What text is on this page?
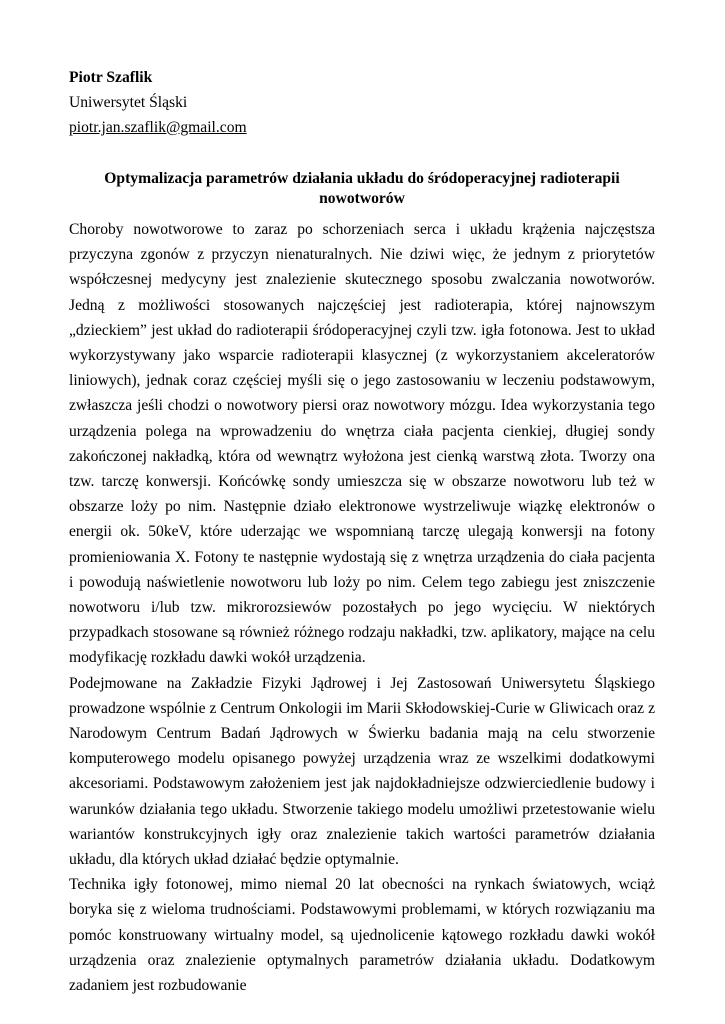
Piotr Szaflik
Uniwersytet Śląski
piotr.jan.szaflik@gmail.com
Optymalizacja parametrów działania układu do śródoperacyjnej radioterapii nowotworów

Choroby nowotworowe to zaraz po schorzeniach serca i układu krążenia najczęstsza przyczyna zgonów z przyczyn nienaturalnych. Nie dziwi więc, że jednym z priorytetów współczesnej medycyny jest znalezienie skutecznego sposobu zwalczania nowotworów. Jedną z możliwości stosowanych najczęściej jest radioterapia, której najnowszym „dzieckiem” jest układ do radioterapii śródoperacyjnej czyli tzw. igła fotonowa. Jest to układ wykorzystywany jako wsparcie radioterapii klasycznej (z wykorzystaniem akceleratorów liniowych), jednak coraz częściej myśli się o jego zastosowaniu w leczeniu podstawowym, zwłaszcza jeśli chodzi o nowotwory piersi oraz nowotwory mózgu. Idea wykorzystania tego urządzenia polega na wprowadzeniu do wnętrza ciała pacjenta cienkiej, długiej sondy zakończonej nakładką, która od wewnątrz wyłożona jest cienką warstwą złota. Tworzy ona tzw. tarczę konwersji. Końcówkę sondy umieszcza się w obszarze nowotworu lub też w obszarze loży po nim. Następnie działo elektronowe wystrzeliwuje wiązkę elektronów o energii ok. 50keV, które uderzając we wspomnianą tarczę ulegają konwersji na fotony promieniowania X. Fotony te następnie wydostają się z wnętrza urządzenia do ciała pacjenta i powodują naświetlenie nowotworu lub loży po nim. Celem tego zabiegu jest zniszczenie nowotworu i/lub tzw. mikrorozsiewów pozostałych po jego wycięciu. W niektórych przypadkach stosowane są również różnego rodzaju nakładki, tzw. aplikatory, mające na celu modyfikację rozkładu dawki wokół urządzenia.

Podejmowane na Zakładzie Fizyki Jądrowej i Jej Zastosowań Uniwersytetu Śląskiego prowadzone wspólnie z Centrum Onkologii im Marii Skłodowskiej-Curie w Gliwicach oraz z Narodowym Centrum Badań Jądrowych w Świerku badania mają na celu stworzenie komputerowego modelu opisanego powyżej urządzenia wraz ze wszelkimi dodatkowymi akcesoriami. Podstawowym założeniem jest jak najdokładniejsze odzwierciedlenie budowy i warunków działania tego układu. Stworzenie takiego modelu umożliwi przetestowanie wielu wariantów konstrukcyjnych igły oraz znalezienie takich wartości parametrów działania układu, dla których układ działać będzie optymalnie.

Technika igły fotonowej, mimo niemal 20 lat obecności na rynkach światowych, wciąż boryka się z wieloma trudnościami. Podstawowymi problemami, w których rozwiązaniu ma pomóc konstruowany wirtualny model, są ujednolicenie kątowego rozkładu dawki wokół urządzenia oraz znalezienie optymalnych parametrów działania układu. Dodatkowym zadaniem jest rozbudowanie
